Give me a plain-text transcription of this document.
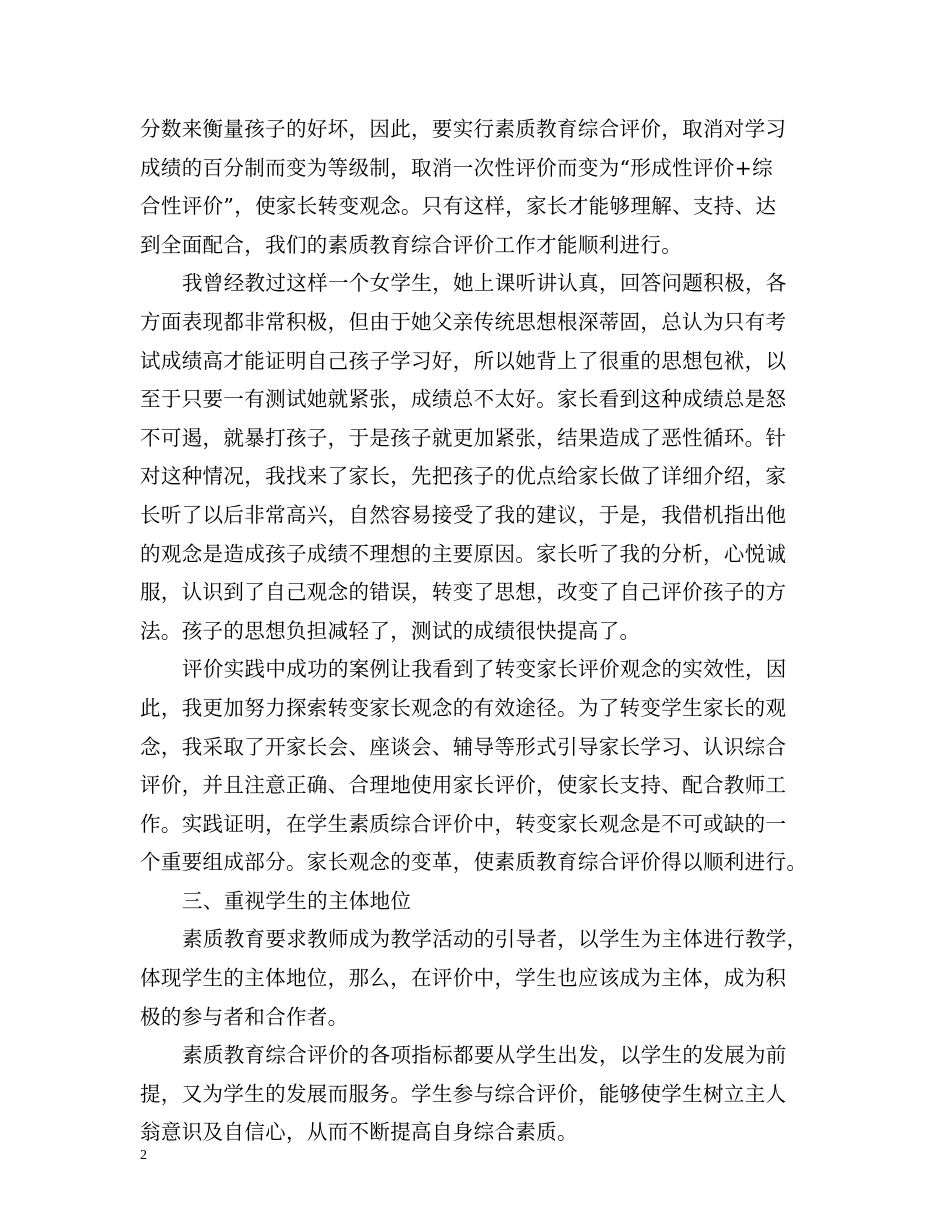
分数来衡量孩子的好坏，因此，要实行素质教育综合评价，取消对学习
成绩的百分制而变为等级制，取消一次性评价而变为“形成性评价+综
合性评价”，使家长转变观念。只有这样，家长才能够理解、支持、达
到全面配合，我们的素质教育综合评价工作才能顺利进行。
我曾经教过这样一个女学生，她上课听讲认真，回答问题积极，各
方面表现都非常积极，但由于她父亲传统思想根深蒂固，总认为只有考
试成绩高才能证明自己孩子学习好，所以她背上了很重的思想包袱，以
至于只要一有测试她就紧张，成绩总不太好。家长看到这种成绩总是怒
不可遏，就暴打孩子，于是孩子就更加紧张，结果造成了恶性循环。针
对这种情况，我找来了家长，先把孩子的优点给家长做了详细介绍，家
长听了以后非常高兴，自然容易接受了我的建议，于是，我借机指出他
的观念是造成孩子成绩不理想的主要原因。家长听了我的分析，心悦诚
服，认识到了自己观念的错误，转变了思想，改变了自己评价孩子的方
法。孩子的思想负担减轻了，测试的成绩很快提高了。
评价实践中成功的案例让我看到了转变家长评价观念的实效性，因
此，我更加努力探索转变家长观念的有效途径。为了转变学生家长的观
念，我采取了开家长会、座谈会、辅导等形式引导家长学习、认识综合
评价，并且注意正确、合理地使用家长评价，使家长支持、配合教师工
作。实践证明，在学生素质综合评价中，转变家长观念是不可或缺的一
个重要组成部分。家长观念的变革，使素质教育综合评价得以顺利进行。
三、重视学生的主体地位
素质教育要求教师成为教学活动的引导者，以学生为主体进行教学，
体现学生的主体地位，那么，在评价中，学生也应该成为主体，成为积
极的参与者和合作者。
素质教育综合评价的各项指标都要从学生出发，以学生的发展为前
提，又为学生的发展而服务。学生参与综合评价，能够使学生树立主人
翁意识及自信心，从而不断提高自身综合素质。
2
